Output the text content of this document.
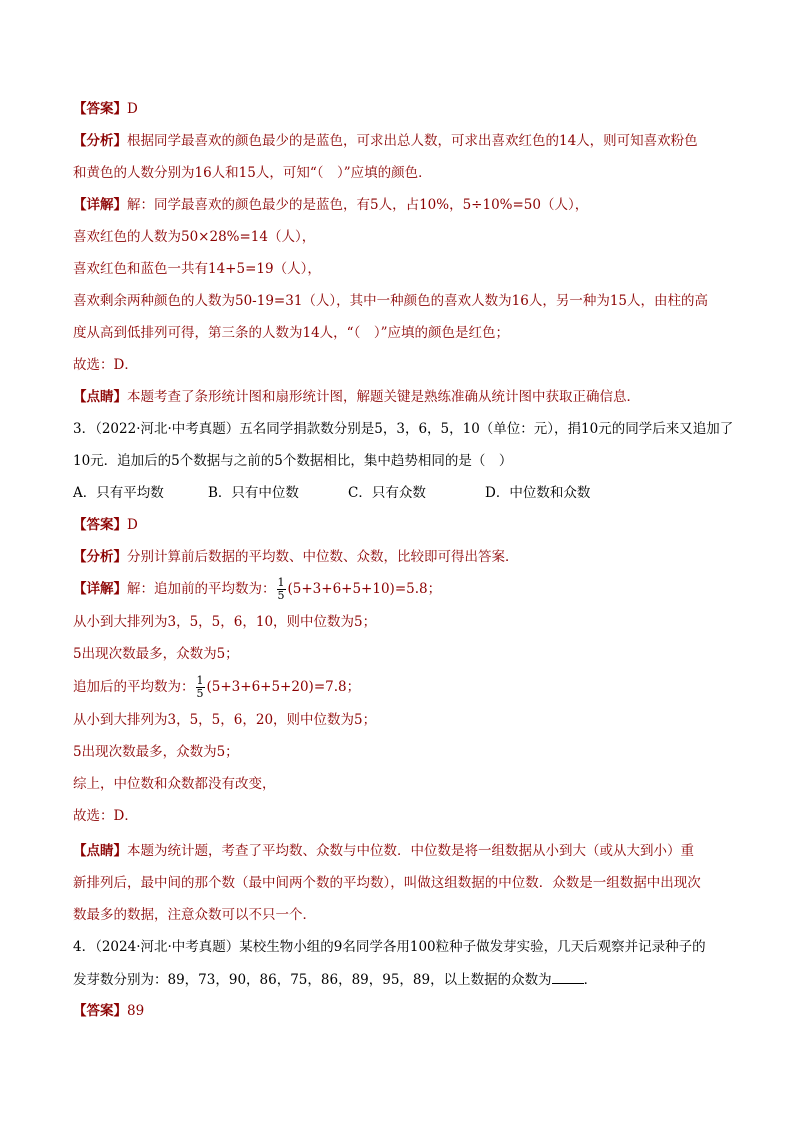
【答案】D
【分析】根据同学最喜欢的颜色最少的是蓝色，可求出总人数，可求出喜欢红色的14人，则可知喜欢粉色
和黄色的人数分别为16人和15人，可知“（　）”应填的颜色．
【详解】解：同学最喜欢的颜色最少的是蓝色，有5人，占10%，5÷10%=50（人），
喜欢红色的人数为50×28%=14（人），
喜欢红色和蓝色一共有14+5=19（人），
喜欢剩余两种颜色的人数为50-19=31（人），其中一种颜色的喜欢人数为16人，另一种为15人，由柱的高
度从高到低排列可得，第三条的人数为14人，“（　）”应填的颜色是红色；
故选：D．
【点睛】本题考查了条形统计图和扇形统计图，解题关键是熟练准确从统计图中获取正确信息．
3．（2022·河北·中考真题）五名同学捐款数分别是5，3，6，5，10（单位：元），捐10元的同学后来又追加了
10元．追加后的5个数据与之前的5个数据相比，集中趋势相同的是（　）
A．只有平均数	B．只有中位数	C．只有众数	D．中位数和众数
【答案】D
【分析】分别计算前后数据的平均数、中位数、众数，比较即可得出答案．
【详解】解：追加前的平均数为： $\frac{1}{5} (5+3+6+5+10)=5.8$；
从小到大排列为3，5，5，6，10，则中位数为5；
5出现次数最多，众数为5；
追加后的平均数为： $\frac{1}{5} (5+3+6+5+20)=7.8$；
从小到大排列为3，5，5，6，20，则中位数为5；
5出现次数最多，众数为5；
综上，中位数和众数都没有改变，
故选：D．
【点睛】本题为统计题，考查了平均数、众数与中位数．中位数是将一组数据从小到大（或从大到小）重
新排列后，最中间的那个数（最中间两个数的平均数），叫做这组数据的中位数．众数是一组数据中出现次
数最多的数据，注意众数可以不只一个．
4．（2024·河北·中考真题）某校生物小组的9名同学各用100粒种子做发芽实验，几天后观察并记录种子的
发芽数分别为：89，73，90，86，75，86，89，95，89，以上数据的众数为 ．
【答案】89
